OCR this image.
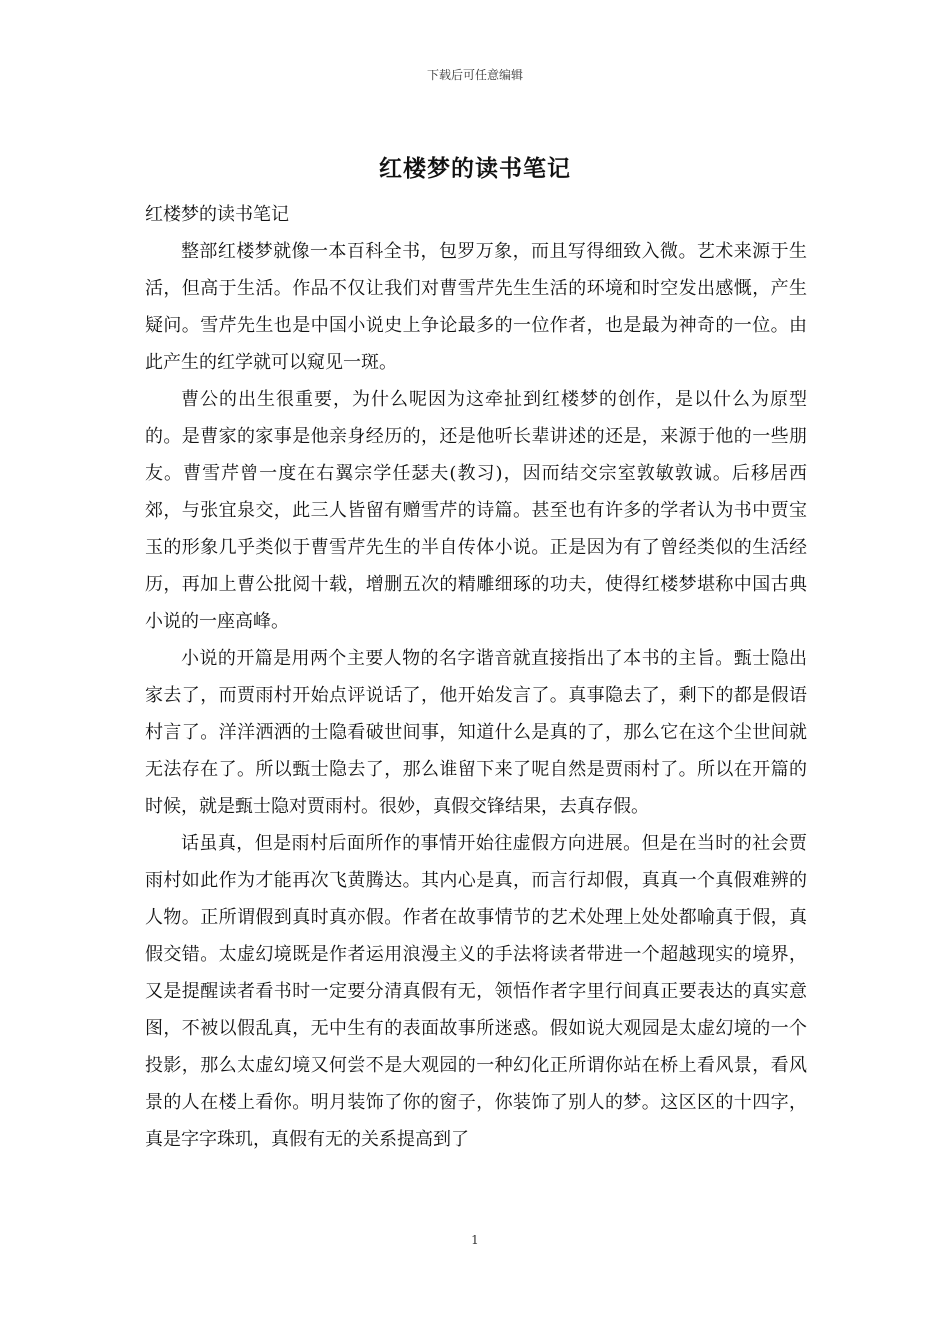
下载后可任意编辑
红楼梦的读书笔记

红楼梦的读书笔记

整部红楼梦就像一本百科全书，包罗万象，而且写得细致入微。艺术来源于生活，但高于生活。作品不仅让我们对曹雪芹先生生活的环境和时空发出感慨，产生疑问。雪芹先生也是中国小说史上争论最多的一位作者，也是最为神奇的一位。由此产生的红学就可以窥见一斑。

曹公的出生很重要，为什么呢因为这牵扯到红楼梦的创作，是以什么为原型的。是曹家的家事是他亲身经历的，还是他听长辈讲述的还是，来源于他的一些朋友。曹雪芹曾一度在右翼宗学任瑟夫(教习)，因而结交宗室敦敏敦诚。后移居西郊，与张宜泉交，此三人皆留有赠雪芹的诗篇。甚至也有许多的学者认为书中贾宝玉的形象几乎类似于曹雪芹先生的半自传体小说。正是因为有了曾经类似的生活经历，再加上曹公批阅十载，增删五次的精雕细琢的功夫，使得红楼梦堪称中国古典小说的一座高峰。

小说的开篇是用两个主要人物的名字谐音就直接指出了本书的主旨。甄士隐出家去了，而贾雨村开始点评说话了，他开始发言了。真事隐去了，剩下的都是假语村言了。洋洋洒洒的士隐看破世间事，知道什么是真的了，那么它在这个尘世间就无法存在了。所以甄士隐去了，那么谁留下来了呢自然是贾雨村了。所以在开篇的时候，就是甄士隐对贾雨村。很妙，真假交锋结果，去真存假。

话虽真，但是雨村后面所作的事情开始往虚假方向进展。但是在当时的社会贾雨村如此作为才能再次飞黄腾达。其内心是真，而言行却假，真真一个真假难辨的人物。正所谓假到真时真亦假。作者在故事情节的艺术处理上处处都喻真于假，真假交错。太虚幻境既是作者运用浪漫主义的手法将读者带进一个超越现实的境界，又是提醒读者看书时一定要分清真假有无，领悟作者字里行间真正要表达的真实意图，不被以假乱真，无中生有的表面故事所迷惑。假如说大观园是太虚幻境的一个投影，那么太虚幻境又何尝不是大观园的一种幻化正所谓你站在桥上看风景，看风景的人在楼上看你。明月装饰了你的窗子，你装饰了别人的梦。这区区的十四字，真是字字珠玑，真假有无的关系提高到了

1
